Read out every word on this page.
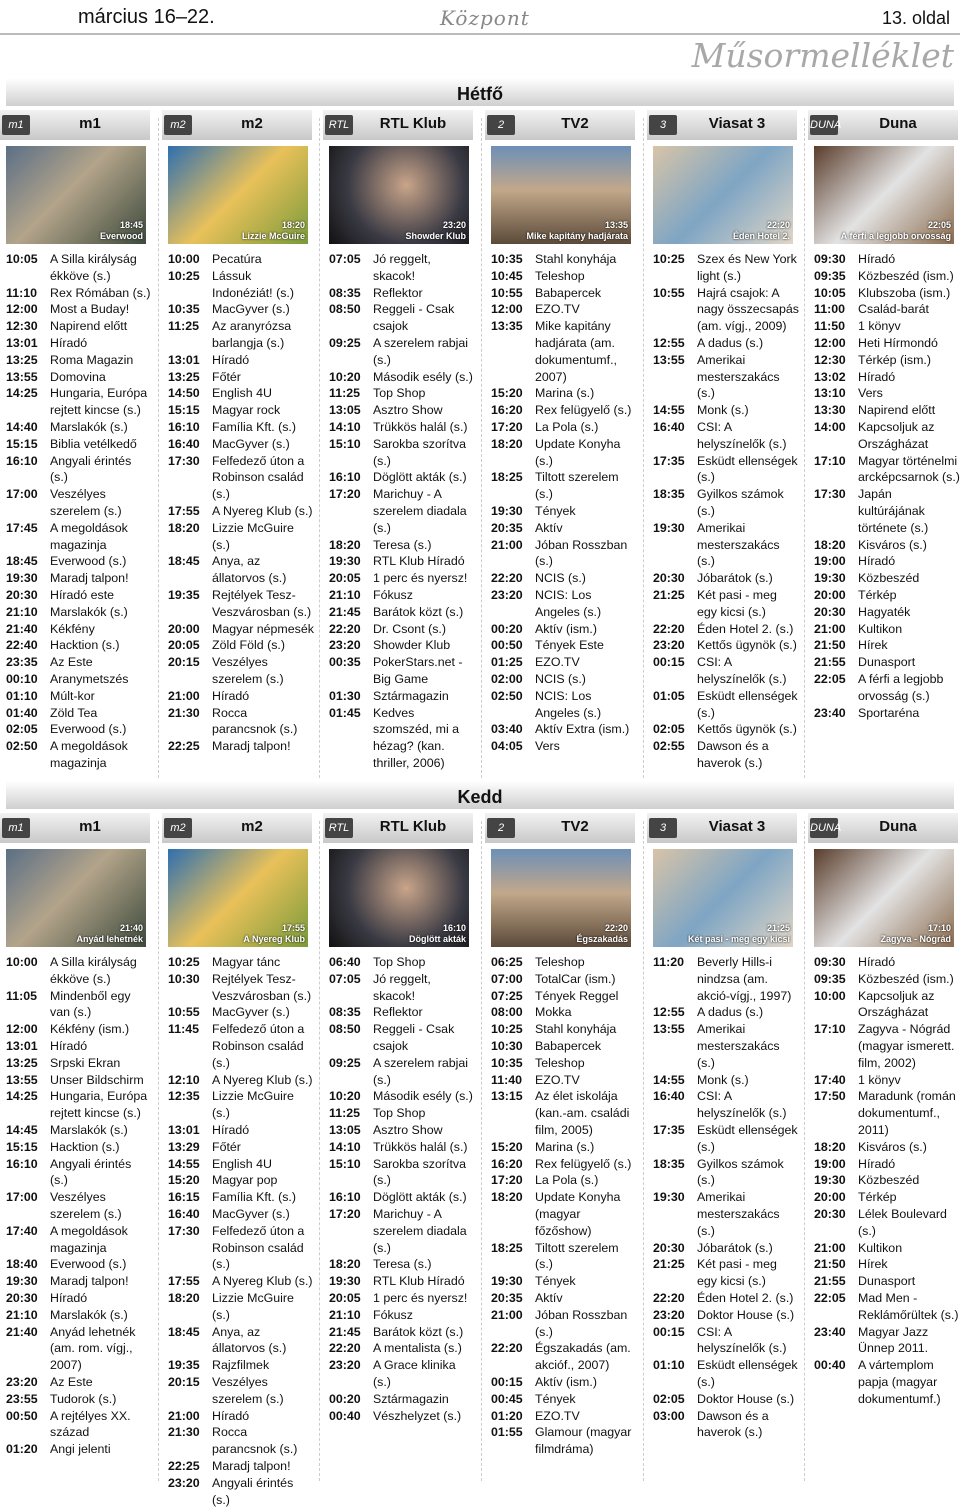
március 16–22.	Központ	13. oldal
Műsormelléklet
Hétfő
m1	m1
18:45
Everwood
10:05 A Silla királyság ékköve (s.)
11:10	Rex Rómában (s.)
12:00 Most a Buday!
12:30 Napirend előtt
13:01 Híradó
13:25 Roma Magazin
13:55 Domovina
14:25 Hungaria, Európa rejtett kincse (s.)
14:40 Marslakók (s.)
15:15 Biblia vetélkedő
16:10 Angyali érintés (s.)
17:00 Veszélyes szerelem (s.)
17:45 A megoldások magazinja
18:45 Everwood (s.)
19:30 Maradj talpon!
20:30 Híradó este
21:10 Marslakók (s.)
21:40 Kékfény
22:40 Hacktion (s.)
23:35 Az Este
00:10 Aranymetszés
01:10 Múlt-kor
01:40 Zöld Tea
02:05 Everwood (s.)
02:50 A megoldások magazinja
m2	m2
18:20
Lizzie McGuire
10:00 Pecatúra
10:25 Lássuk Indonéziát! (s.)
10:35 MacGyver (s.)
11:25	Az aranyrózsa barlangja (s.)
13:01 Híradó
13:25 Főtér
14:50 English 4U
15:15 Magyar rock
16:10 Família Kft. (s.)
16:40 MacGyver (s.)
17:30 Felfedező úton a Robinson család (s.)
17:55 A Nyereg Klub (s.)
18:20 Lizzie McGuire (s.)
18:45 Anya, az állatorvos (s.)
19:35 Rejtélyek Tesz-Veszvárosban (s.)
20:00 Magyar népmesék
20:05 Zöld Föld (s.)
20:15 Veszélyes szerelem (s.)
21:00 Híradó
21:30 Rocca parancsnok (s.)
22:25 Maradj talpon!
RTL	RTL Klub
23:20
Showder Klub
07:05 Jó reggelt, skacok!
08:35 Reflektor
08:50 Reggeli - Csak csajok
09:25 A szerelem rabjai (s.)
10:20 Második esély (s.)
11:25	Top Shop
13:05 Asztro Show
14:10 Trükkös halál (s.)
15:10 Sarokba szorítva (s.)
16:10 Döglött akták (s.)
17:20 Marichuy - A szerelem diadala (s.)
18:20 Teresa (s.)
19:30 RTL Klub Híradó
20:05 1 perc és nyersz!
21:10 Fókusz
21:45 Barátok közt (s.)
22:20 Dr. Csont (s.)
23:20 Showder Klub
00:35 PokerStars.net - Big Game
01:30 Sztármagazin
01:45 Kedves szomszéd, mi a hézag? (kan. thriller, 2006)
2	TV2
13:35
Mike kapitány hadjárata
10:35 Stahl konyhája
10:45 Teleshop
10:55 Babapercek
12:00 EZO.TV
13:35 Mike kapitány hadjárata (am. dokumentumf., 2007)
15:20 Marina (s.)
16:20 Rex felügyelő (s.)
17:20 La Pola (s.)
18:20 Update Konyha (s.)
18:25 Tiltott szerelem (s.)
19:30 Tények
20:35 Aktív
21:00 Jóban Rosszban (s.)
22:20 NCIS (s.)
23:20 NCIS: Los Angeles (s.)
00:20 Aktív (ism.)
00:50 Tények Este
01:25 EZO.TV
02:00 NCIS (s.)
02:50 NCIS: Los Angeles (s.)
03:40 Aktív Extra (ism.)
04:05 Vers
3	Viasat 3
22:20
Éden Hotel 2.
10:25 Szex és New York light (s.)
10:55 Hajrá csajok: A nagy összecsapás (am. vígj., 2009)
12:55 A dadus (s.)
13:55 Amerikai mesterszakács (s.)
14:55 Monk (s.)
16:40 CSI: A helyszínelők (s.)
17:35 Esküdt ellenségek (s.)
18:35 Gyilkos számok (s.)
19:30 Amerikai mesterszakács (s.)
20:30 Jóbarátok (s.)
21:25 Két pasi - meg egy kicsi (s.)
22:20 Éden Hotel 2. (s.)
23:20 Kettős ügynök (s.)
00:15 CSI: A helyszínelők (s.)
01:05 Esküdt ellenségek (s.)
02:05 Kettős ügynök (s.)
02:55 Dawson és a haverok (s.)
DUNA	Duna
22:05
A férfi a legjobb orvosság
09:30 Híradó
09:35 Közbeszéd (ism.)
10:05 Klubszoba (ism.)
11:00	Család-barát
11:50	1 könyv
12:00 Heti Hírmondó
12:30 Térkép (ism.)
13:02 Híradó
13:10 Vers
13:30 Napirend előtt
14:00 Kapcsoljuk az Országházat
17:10 Magyar történelmi arcképcsarnok (s.)
17:30 Japán kultúrájának története (s.)
18:20 Kisváros (s.)
19:00 Híradó
19:30 Közbeszéd
20:00 Térkép
20:30 Hagyaték
21:00 Kultikon
21:50 Hírek
21:55 Dunasport
22:05 A férfi a legjobb orvosság (s.)
23:40 Sportaréna
Kedd
m1	m1
21:40
Anyád lehetnék
10:00 A Silla királyság ékköve (s.)
11:05	Mindenből egy van (s.)
12:00 Kékfény (ism.)
13:01 Híradó
13:25 Srpski Ekran
13:55 Unser Bildschirm
14:25 Hungaria, Európa rejtett kincse (s.)
14:45 Marslakók (s.)
15:15 Hacktion (s.)
16:10 Angyali érintés (s.)
17:00 Veszélyes szerelem (s.)
17:40 A megoldások magazinja
18:40 Everwood (s.)
19:30 Maradj talpon!
20:30 Híradó
21:10 Marslakók (s.)
21:40 Anyád lehetnék (am. rom. vígj., 2007)
23:20 Az Este
23:55 Tudorok (s.)
00:50 A rejtélyes XX. század
01:20 Angi jelenti
m2	m2
17:55
A Nyereg Klub
10:25 Magyar tánc
10:30 Rejtélyek Tesz-Veszvárosban (s.)
10:55 MacGyver (s.)
11:45	Felfedező úton a Robinson család (s.)
12:10 A Nyereg Klub (s.)
12:35 Lizzie McGuire (s.)
13:01 Híradó
13:29 Főtér
14:55 English 4U
15:20 Magyar pop
16:15 Família Kft. (s.)
16:40 MacGyver (s.)
17:30 Felfedező úton a Robinson család (s.)
17:55 A Nyereg Klub (s.)
18:20 Lizzie McGuire (s.)
18:45 Anya, az állatorvos (s.)
19:35 Rajzfilmek
20:15 Veszélyes szerelem (s.)
21:00 Híradó
21:30 Rocca parancsnok (s.)
22:25 Maradj talpon!
23:20 Angyali érintés (s.)
RTL	RTL Klub
16:10
Döglött akták
06:40 Top Shop
07:05 Jó reggelt, skacok!
08:35 Reflektor
08:50 Reggeli - Csak csajok
09:25 A szerelem rabjai (s.)
10:20 Második esély (s.)
11:25	Top Shop
13:05 Asztro Show
14:10 Trükkös halál (s.)
15:10 Sarokba szorítva (s.)
16:10 Döglött akták (s.)
17:20 Marichuy - A szerelem diadala (s.)
18:20 Teresa (s.)
19:30 RTL Klub Híradó
20:05 1 perc és nyersz!
21:10 Fókusz
21:45 Barátok közt (s.)
22:20 A mentalista (s.)
23:20 A Grace klinika (s.)
00:20 Sztármagazin
00:40 Vészhelyzet (s.)
2	TV2
22:20
Égszakadás
06:25 Teleshop
07:00 TotalCar (ism.)
07:25 Tények Reggel
08:00 Mokka
10:25 Stahl konyhája
10:30 Babapercek
10:35 Teleshop
11:40	EZO.TV
13:15 Az élet iskolája (kan.-am. családi film, 2005)
15:20 Marina (s.)
16:20 Rex felügyelő (s.)
17:20 La Pola (s.)
18:20 Update Konyha (magyar főzőshow)
18:25 Tiltott szerelem (s.)
19:30 Tények
20:35 Aktív
21:00 Jóban Rosszban (s.)
22:20 Égszakadás (am. akcióf., 2007)
00:15 Aktív (ism.)
00:45 Tények
01:20 EZO.TV
01:55 Glamour (magyar filmdráma)
3	Viasat 3
21:25
Két pasi - meg egy kicsi
11:20	Beverly Hills-i nindzsa (am. akció-vígj., 1997)
12:55 A dadus (s.)
13:55 Amerikai mesterszakács (s.)
14:55 Monk (s.)
16:40 CSI: A helyszínelők (s.)
17:35 Esküdt ellenségek (s.)
18:35 Gyilkos számok (s.)
19:30 Amerikai mesterszakács (s.)
20:30 Jóbarátok (s.)
21:25 Két pasi - meg egy kicsi (s.)
22:20 Éden Hotel 2. (s.)
23:20 Doktor House (s.)
00:15 CSI: A helyszínelők (s.)
01:10 Esküdt ellenségek (s.)
02:05 Doktor House (s.)
03:00 Dawson és a haverok (s.)
DUNA	Duna
17:10
Zagyva - Nógrád
09:30 Híradó
09:35 Közbeszéd (ism.)
10:00 Kapcsoljuk az Országházat
17:10 Zagyva - Nógrád (magyar ismerett. film, 2002)
17:40 1 könyv
17:50 Maradunk (román dokumentumf., 2011)
18:20 Kisváros (s.)
19:00 Híradó
19:30 Közbeszéd
20:00 Térkép
20:30 Lélek Boulevard (s.)
21:00 Kultikon
21:50 Hírek
21:55 Dunasport
22:05 Mad Men - Reklámőrültek (s.)
23:40 Magyar Jazz Ünnep 2011.
00:40 A vártemplom papja (magyar dokumentumf.)
